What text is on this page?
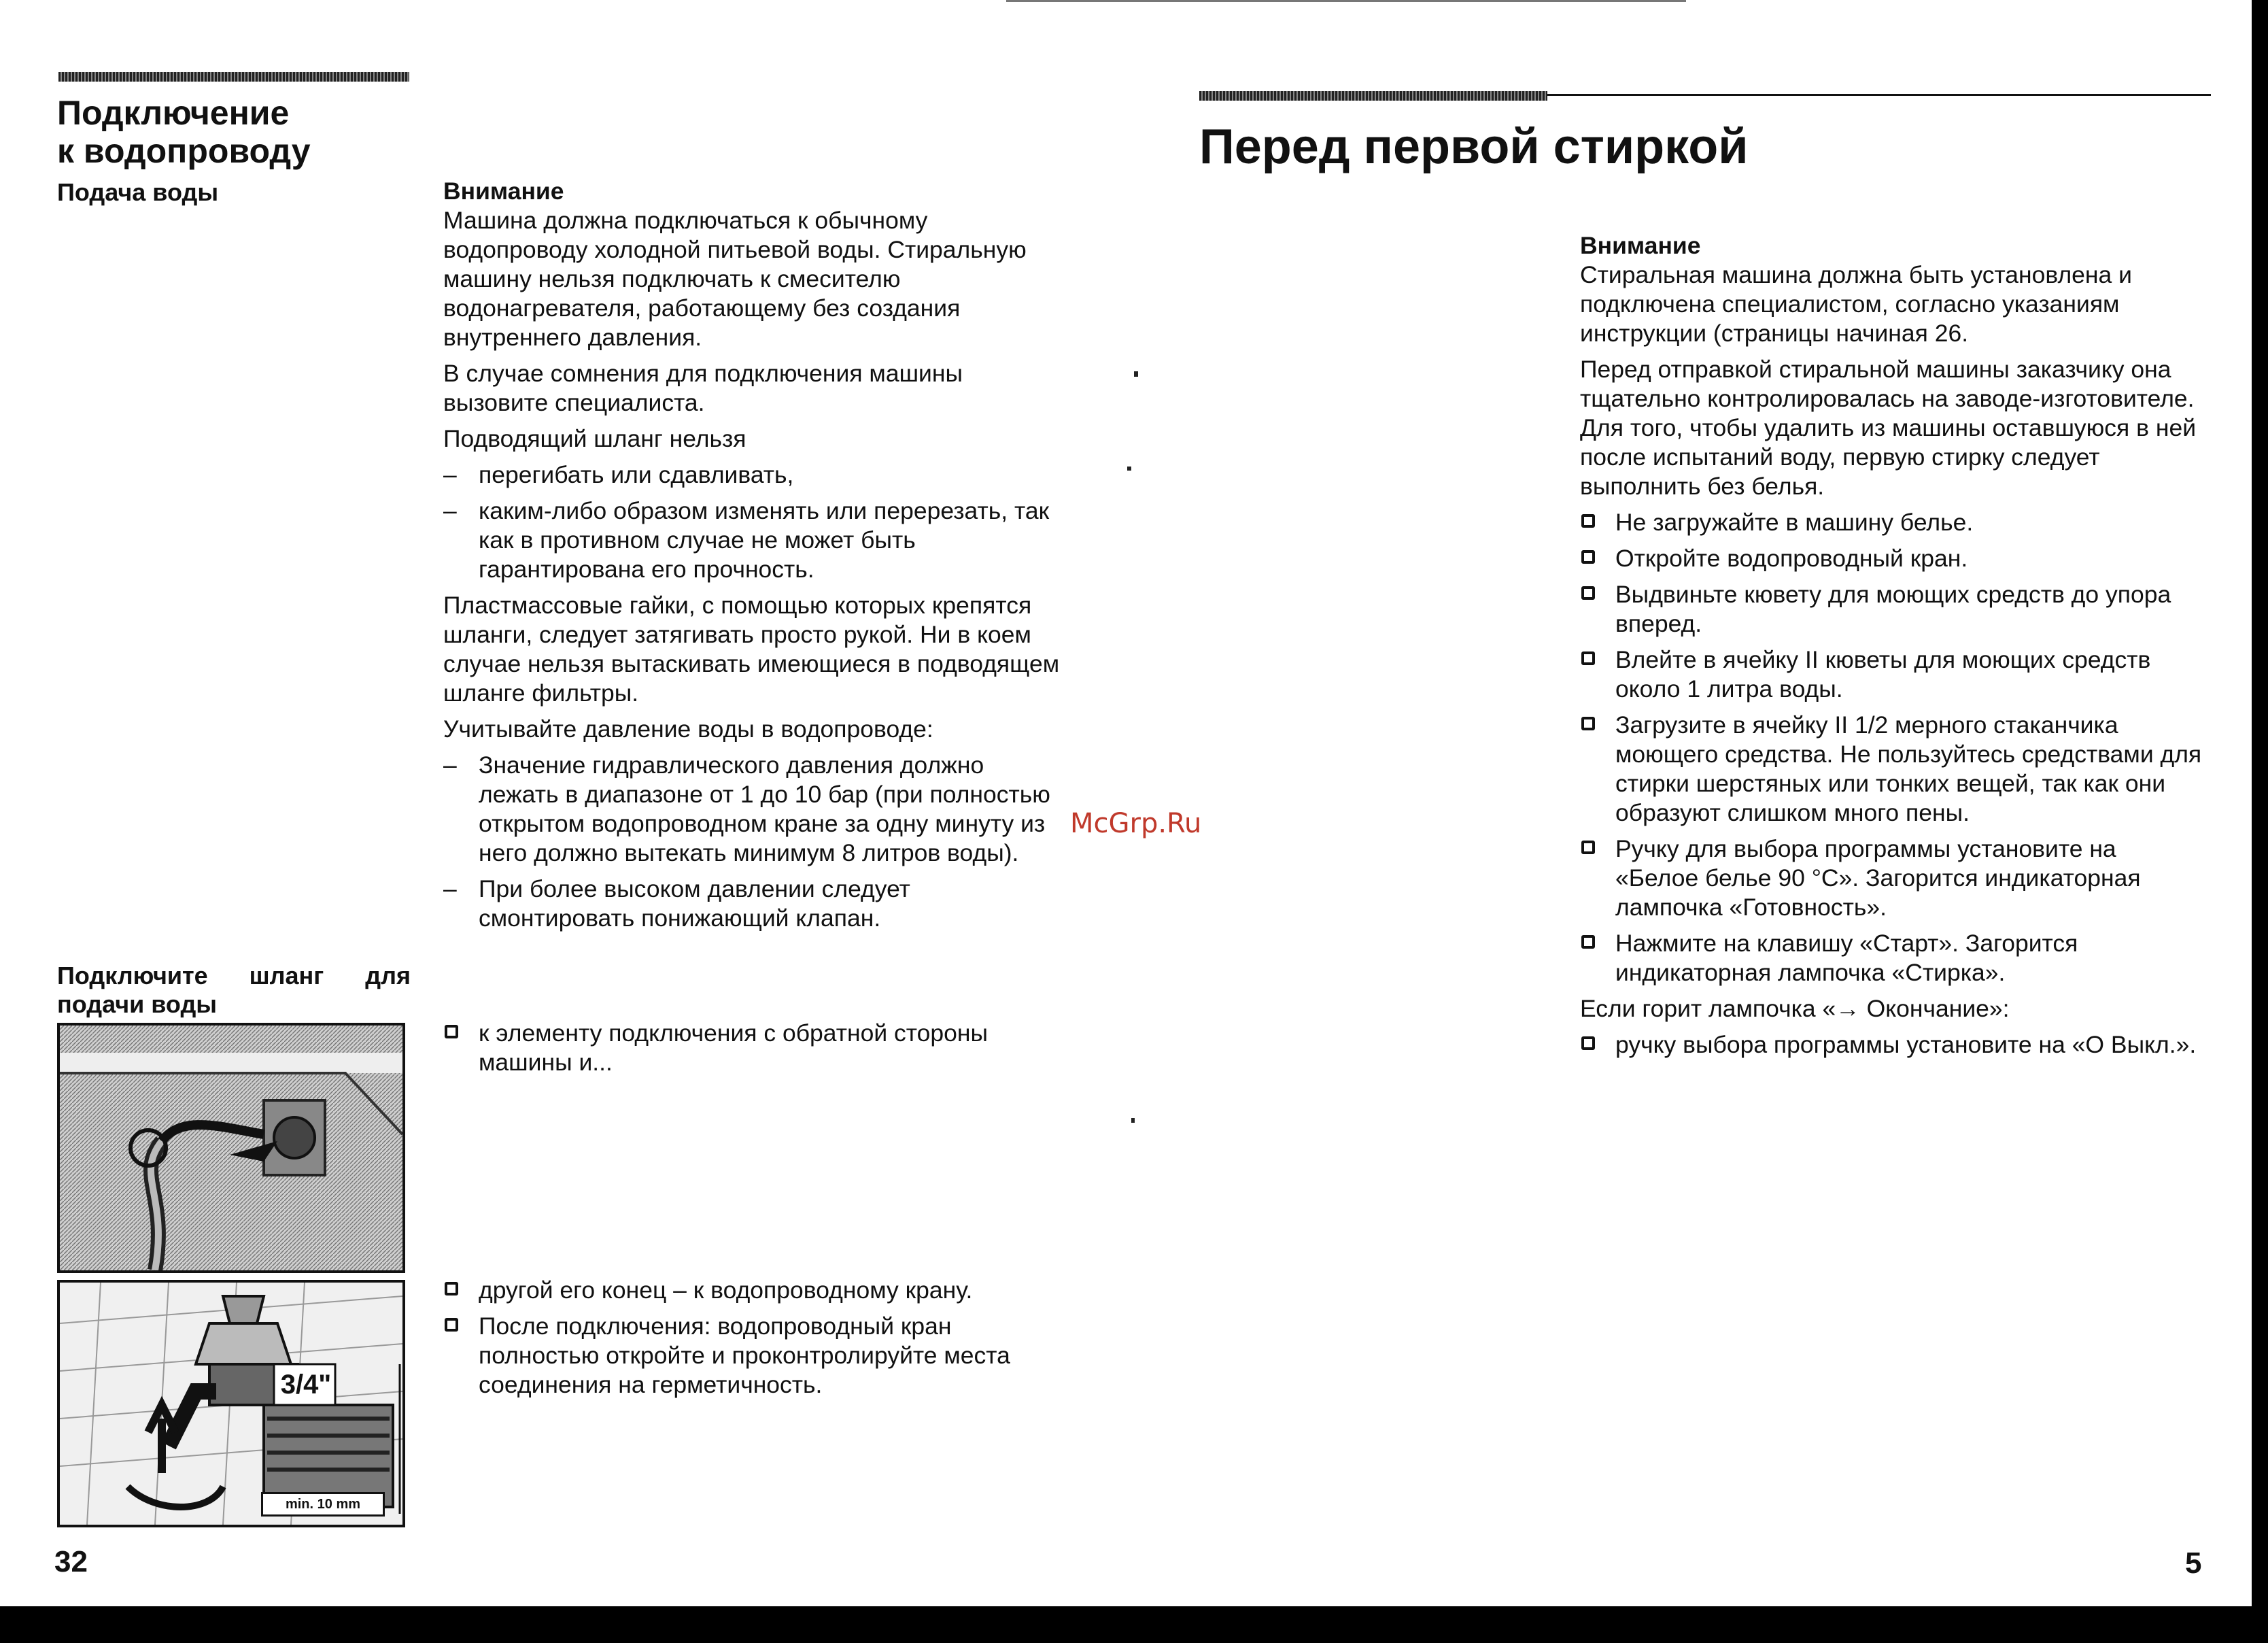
Подключение
к водопроводу
Подача воды	Внимание

Машина должна подключаться к обычному водопроводу холодной питьевой воды. Стиральную машину нельзя подключать к смесителю водонагревателя, работающему без создания внутреннего давления.

В случае сомнения для подключения машины вызовите специалиста.

Подводящий шланг нельзя

– перегибать или сдавливать,
– каким-либо образом изменять или перерезать, так как в противном случае не может быть гарантирована его прочность.

Пластмассовые гайки, с помощью которых крепятся шланги, следует затягивать просто рукой. Ни в коем случае нельзя вытаскивать имеющиеся в подводящем шланге фильтры.

Учитывайте давление воды в водопроводе:

– Значение гидравлического давления должно лежать в диапазоне от 1 до 10 бар (при полностью открытом водопроводном кране за одну минуту из него должно вытекать минимум 8 литров воды).
– При более высоком давлении следует смонтировать понижающий клапан.
Подключите шланг для подачи воды
3/4"
min. 10 mm
к элементу подключения с обратной стороны машины и...
другой его конец – к водопроводному крану.
После подключения: водопроводный кран полностью откройте и проконтролируйте места соединения на герметичность.
32
McGrp.Ru
Перед первой стиркой

Внимание

Стиральная машина должна быть установлена и подключена специалистом, согласно указаниям инструкции (страницы начиная 26.

Перед отправкой стиральной машины заказчику она тщательно контролировалась на заводе-изготовителе. Для того, чтобы удалить из машины оставшуюся в ней после испытаний воду, первую стирку следует выполнить без белья.

Не загружайте в машину белье.
Откройте водопроводный кран.
Выдвиньте кювету для моющих средств до упора вперед.
Влейте в ячейку II кюветы для моющих средств около 1 литра воды.
Загрузите в ячейку II 1/2 мерного стаканчика моющего средства. Не пользуйтесь средствами для стирки шерстяных или тонких вещей, так как они образуют слишком много пены.
Ручку для выбора программы установите на «Белое белье 90 °С». Загорится индикаторная лампочка «Готовность».
Нажмите на клавишу «Старт». Загорится индикаторная лампочка «Стирка».

Если горит лампочка «→ Окончание»:

ручку выбора программы установите на «О Выкл.».
5
